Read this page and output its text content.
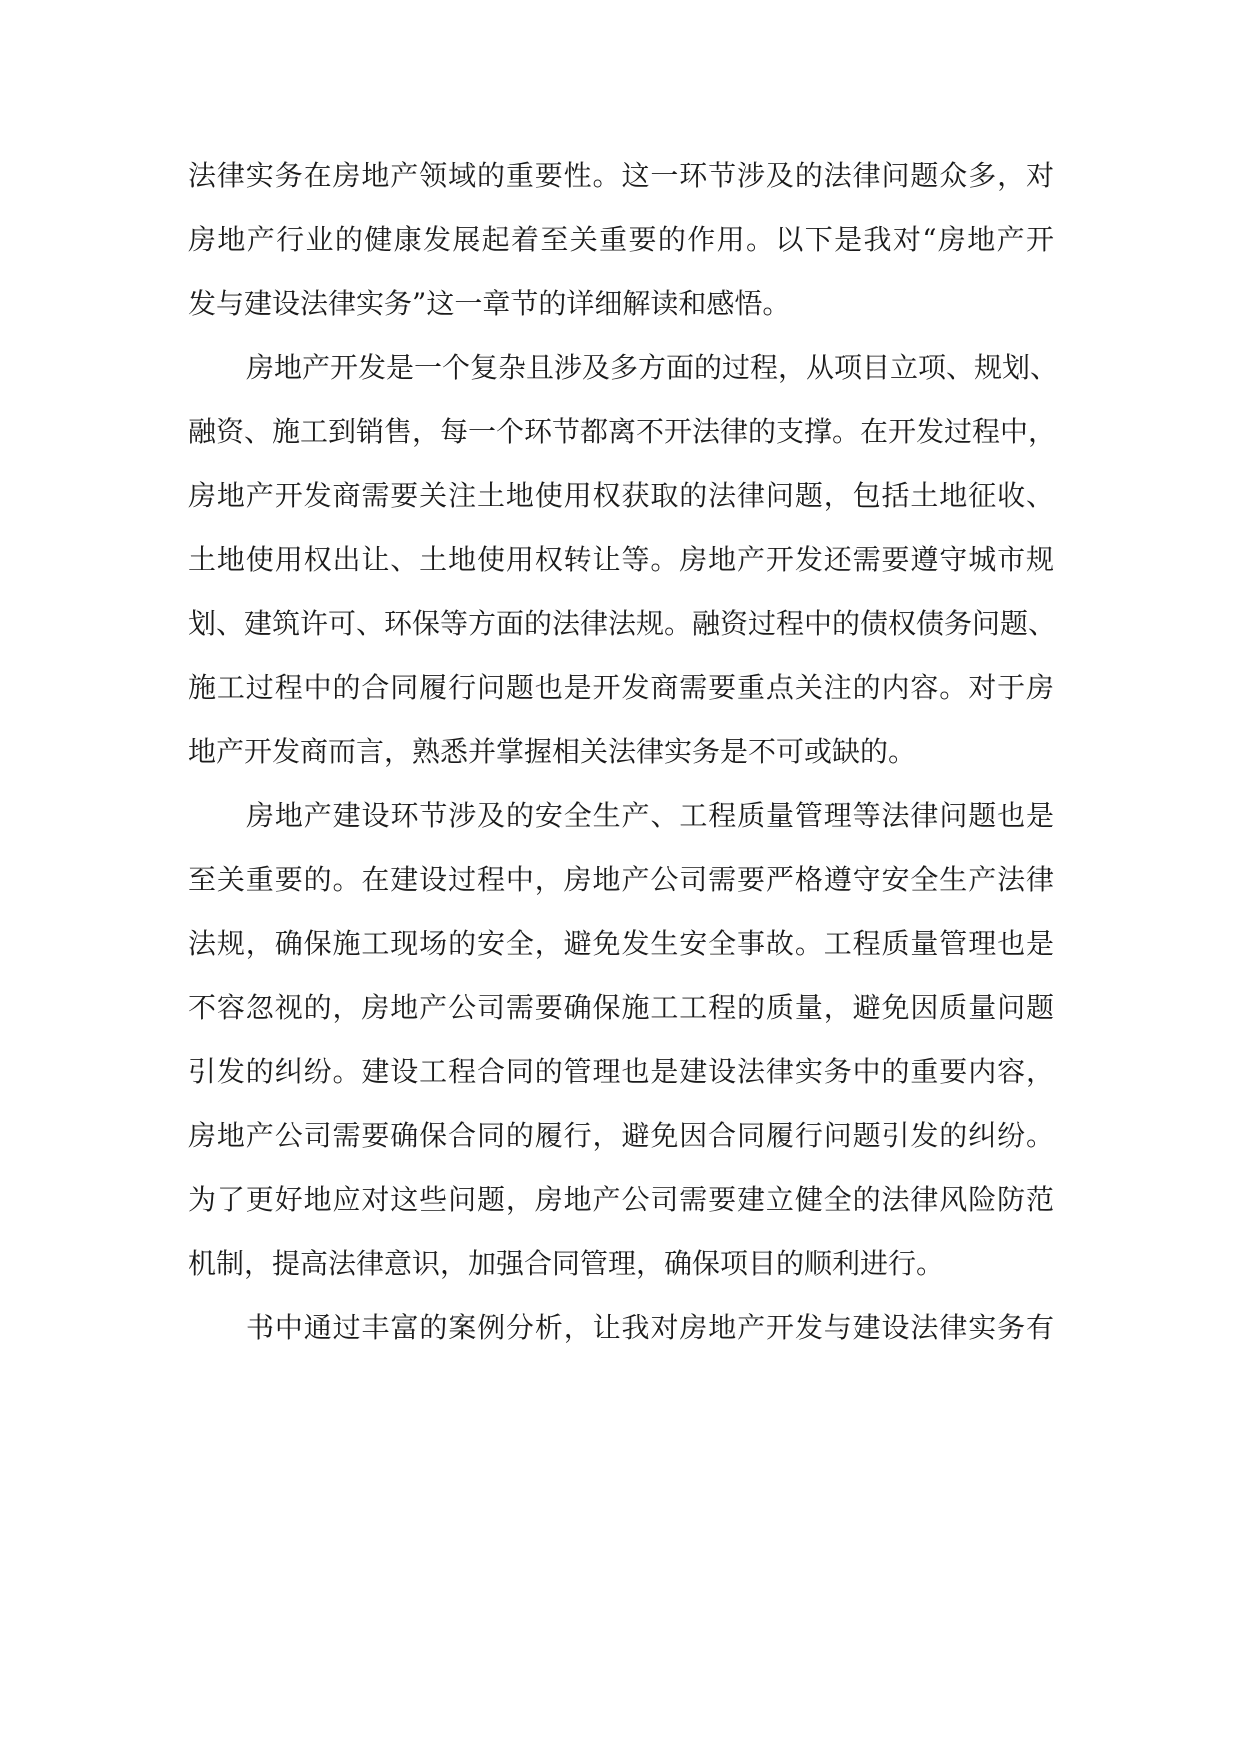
法律实务在房地产领域的重要性。这一环节涉及的法律问题众多，对
房地产行业的健康发展起着至关重要的作用。以下是我对“房地产开
发与建设法律实务”这一章节的详细解读和感悟。
房地产开发是一个复杂且涉及多方面的过程，从项目立项、规划、
融资、施工到销售，每一个环节都离不开法律的支撑。在开发过程中，
房地产开发商需要关注土地使用权获取的法律问题，包括土地征收、
土地使用权出让、土地使用权转让等。房地产开发还需要遵守城市规
划、建筑许可、环保等方面的法律法规。融资过程中的债权债务问题、
施工过程中的合同履行问题也是开发商需要重点关注的内容。对于房
地产开发商而言，熟悉并掌握相关法律实务是不可或缺的。
房地产建设环节涉及的安全生产、工程质量管理等法律问题也是
至关重要的。在建设过程中，房地产公司需要严格遵守安全生产法律
法规，确保施工现场的安全，避免发生安全事故。工程质量管理也是
不容忽视的，房地产公司需要确保施工工程的质量，避免因质量问题
引发的纠纷。建设工程合同的管理也是建设法律实务中的重要内容，
房地产公司需要确保合同的履行，避免因合同履行问题引发的纠纷。
为了更好地应对这些问题，房地产公司需要建立健全的法律风险防范
机制，提高法律意识，加强合同管理，确保项目的顺利进行。
书中通过丰富的案例分析，让我对房地产开发与建设法律实务有
